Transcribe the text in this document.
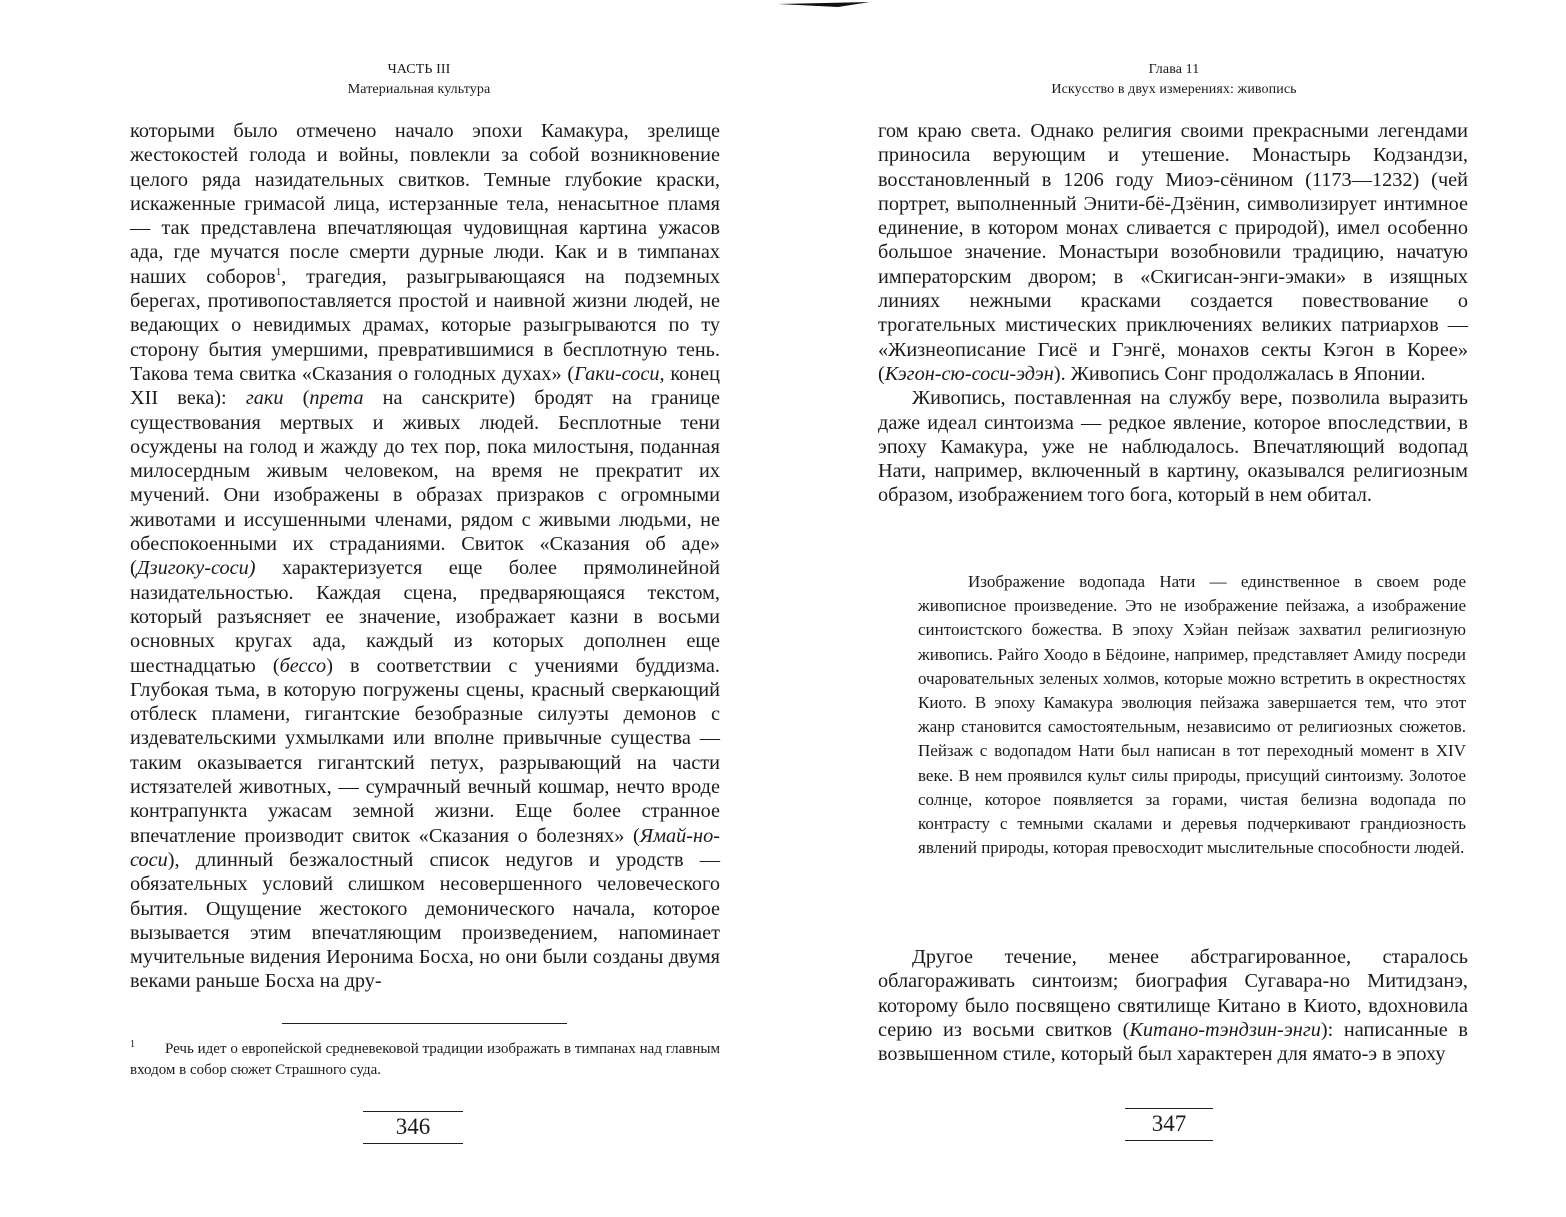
ЧАСТЬ III
Материальная культура

которыми было отмечено начало эпохи Камакура, зрелище жестокостей голода и войны, повлекли за собой возникновение целого ряда назидательных свитков. Темные глубокие краски, искаженные гримасой лица, истерзанные тела, ненасытное пламя — так представлена впечатляющая чудовищная картина ужасов ада, где мучатся после смерти дурные люди. Как и в тимпанах наших соборов$^1$, трагедия, разыгрывающаяся на подземных берегах, противопоставляется простой и наивной жизни людей, не ведающих о невидимых драмах, которые разыгрываются по ту сторону бытия умершими, превратившимися в бесплотную тень. Такова тема свитка «Сказания о голодных духах» (Гаки-соси, конец XII века): гаки (прета на санскрите) бродят на границе существования мертвых и живых людей. Бесплотные тени осуждены на голод и жажду до тех пор, пока милостыня, поданная милосердным живым человеком, на время не прекратит их мучений. Они изображены в образах призраков с огромными животами и иссушенными членами, рядом с живыми людьми, не обеспокоенными их страданиями. Свиток «Сказания об аде» (Дзигоку-соси) характеризуется еще более прямолинейной назидательностью. Каждая сцена, предваряющаяся текстом, который разъясняет ее значение, изображает казни в восьми основных кругах ада, каждый из которых дополнен еще шестнадцатью (бессо) в соответствии с учениями буддизма. Глубокая тьма, в которую погружены сцены, красный сверкающий отблеск пламени, гигантские безобразные силуэты демонов с издевательскими ухмылками или вполне привычные существа — таким оказывается гигантский петух, разрывающий на части истязателей животных, — сумрачный вечный кошмар, нечто вроде контрапункта ужасам земной жизни. Еще более странное впечатление производит свиток «Сказания о болезнях» (Ямай-но-соси), длинный безжалостный список недугов и уродств — обязательных условий слишком несовершенного человеческого бытия. Ощущение жестокого демонического начала, которое вызывается этим впечатляющим произведением, напоминает мучительные видения Иеронима Босха, но они были созданы двумя веками раньше Босха на дру-

$^1$ Речь идет о европейской средневековой традиции изображать в тимпанах над главным входом в собор сюжет Страшного суда.
346
Глава 11
Искусство в двух измерениях: живопись

гом краю света. Однако религия своими прекрасными легендами приносила верующим и утешение. Монастырь Кодзандзи, восстановленный в 1206 году Миоэ-сёнином (1173—1232) (чей портрет, выполненный Энити-бё-Дзёнин, символизирует интимное единение, в котором монах сливается с природой), имел особенно большое значение. Монастыри возобновили традицию, начатую императорским двором; в «Скигисан-энги-эмаки» в изящных линиях нежными красками создается повествование о трогательных мистических приключениях великих патриархов — «Жизнеописание Гисё и Гэнгё, монахов секты Кэгон в Корее» (Кэгон-сю-соси-эдэн). Живопись Сонг продолжалась в Японии.

Живопись, поставленная на службу вере, позволила выразить даже идеал синтоизма — редкое явление, которое впоследствии, в эпоху Камакура, уже не наблюдалось. Впечатляющий водопад Нати, например, включенный в картину, оказывался религиозным образом, изображением того бога, который в нем обитал.

Изображение водопада Нати — единственное в своем роде живописное произведение. Это не изображение пейзажа, а изображение синтоистского божества. В эпоху Хэйан пейзаж захватил религиозную живопись. Райго Хоодо в Бёдоине, например, представляет Амиду посреди очаровательных зеленых холмов, которые можно встретить в окрестностях Киото. В эпоху Камакура эволюция пейзажа завершается тем, что этот жанр становится самостоятельным, независимо от религиозных сюжетов. Пейзаж с водопадом Нати был написан в тот переходный момент в XIV веке. В нем проявился культ силы природы, присущий синтоизму. Золотое солнце, которое появляется за горами, чистая белизна водопада по контрасту с темными скалами и деревья подчеркивают грандиозность явлений природы, которая превосходит мыслительные способности людей.

Другое течение, менее абстрагированное, старалось облагораживать синтоизм; биография Сугавара-но Митидзанэ, которому было посвящено святилище Китано в Киото, вдохновила серию из восьми свитков (Китано-тэндзин-энги): написанные в возвышенном стиле, который был характерен для ямато-э в эпоху

347
